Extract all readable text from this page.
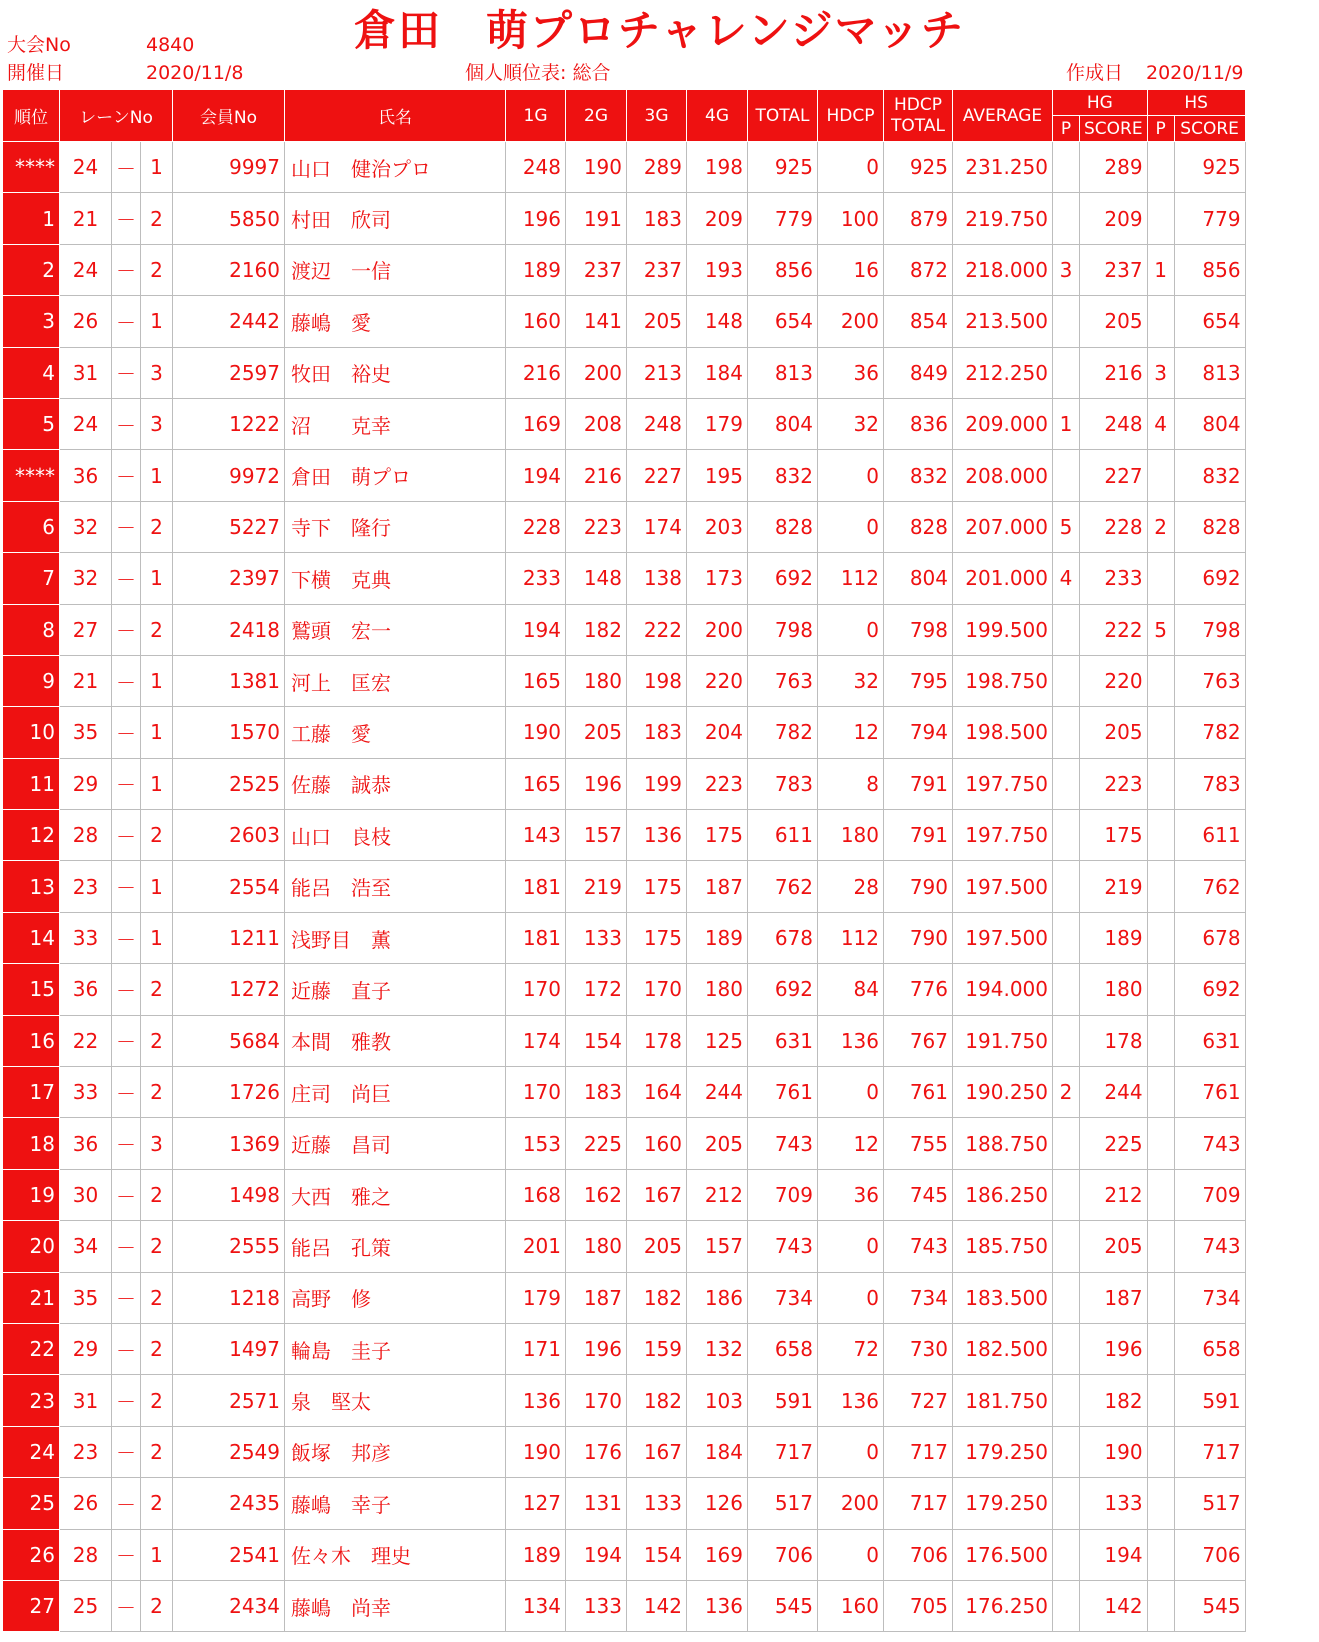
大会No	4840
開催日	2020/11/8
倉田　萌プロチャレンジマッチ
個人順位表: 総合	作成日 2020/11/9
順位	レーンNo			会員No	氏名	1G	2G	3G	4G	TOTAL	HDCP	HDCP
TOTAL	AVERAGE	HG		HS	
														P	SCORE	P	SCORE
****	24	－	1	9997	山口　健治プロ	248	190	289	198	925	0	925	231.250		289		925
1	21	－	2	5850	村田　欣司	196	191	183	209	779	100	879	219.750		209		779
2	24	－	2	2160	渡辺　一信	189	237	237	193	856	16	872	218.000	3	237	1	856
3	26	－	1	2442	藤嶋　愛	160	141	205	148	654	200	854	213.500		205		654
4	31	－	3	2597	牧田　裕史	216	200	213	184	813	36	849	212.250		216	3	813
5	24	－	3	1222	沼　　克幸	169	208	248	179	804	32	836	209.000	1	248	4	804
****	36	－	1	9972	倉田　萌プロ	194	216	227	195	832	0	832	208.000		227		832
6	32	－	2	5227	寺下　隆行	228	223	174	203	828	0	828	207.000	5	228	2	828
7	32	－	1	2397	下横　克典	233	148	138	173	692	112	804	201.000	4	233		692
8	27	－	2	2418	鷲頭　宏一	194	182	222	200	798	0	798	199.500		222	5	798
9	21	－	1	1381	河上　匡宏	165	180	198	220	763	32	795	198.750		220		763
10	35	－	1	1570	工藤　愛	190	205	183	204	782	12	794	198.500		205		782
11	29	－	1	2525	佐藤　誠恭	165	196	199	223	783	8	791	197.750		223		783
12	28	－	2	2603	山口　良枝	143	157	136	175	611	180	791	197.750		175		611
13	23	－	1	2554	能呂　浩至	181	219	175	187	762	28	790	197.500		219		762
14	33	－	1	1211	浅野目　薫	181	133	175	189	678	112	790	197.500		189		678
15	36	－	2	1272	近藤　直子	170	172	170	180	692	84	776	194.000		180		692
16	22	－	2	5684	本間　雅教	174	154	178	125	631	136	767	191.750		178		631
17	33	－	2	1726	庄司　尚巨	170	183	164	244	761	0	761	190.250	2	244		761
18	36	－	3	1369	近藤　昌司	153	225	160	205	743	12	755	188.750		225		743
19	30	－	2	1498	大西　雅之	168	162	167	212	709	36	745	186.250		212		709
20	34	－	2	2555	能呂　孔策	201	180	205	157	743	0	743	185.750		205		743
21	35	－	2	1218	高野　修	179	187	182	186	734	0	734	183.500		187		734
22	29	－	2	1497	輪島　圭子	171	196	159	132	658	72	730	182.500		196		658
23	31	－	2	2571	泉　堅太	136	170	182	103	591	136	727	181.750		182		591
24	23	－	2	2549	飯塚　邦彦	190	176	167	184	717	0	717	179.250		190		717
25	26	－	2	2435	藤嶋　幸子	127	131	133	126	517	200	717	179.250		133		517
26	28	－	1	2541	佐々木　理史	189	194	154	169	706	0	706	176.500		194		706
27	25	－	2	2434	藤嶋　尚幸	134	133	142	136	545	160	705	176.250		142		545
